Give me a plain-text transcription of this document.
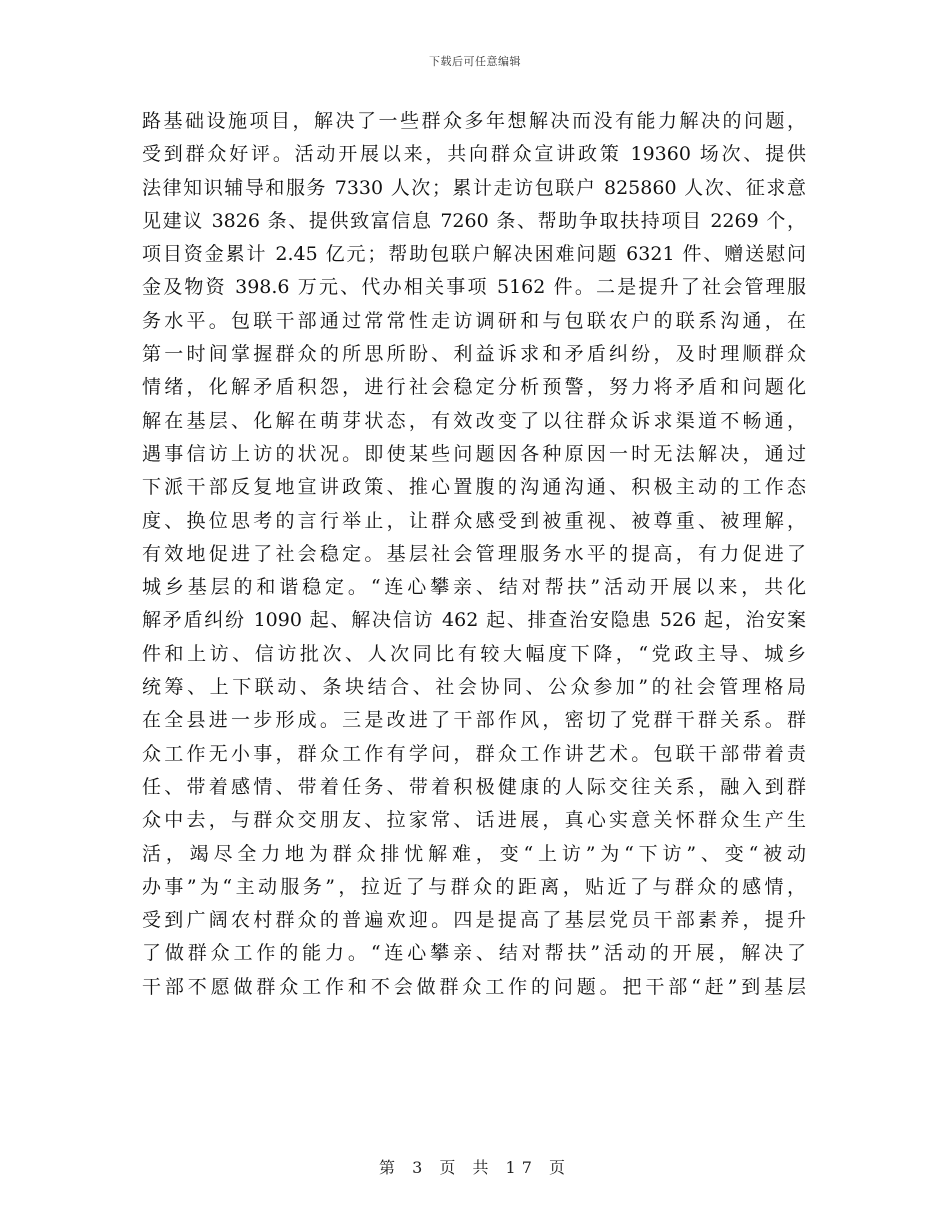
下载后可任意编辑
路基础设施项目，解决了一些群众多年想解决而没有能力解决的问题，
受到群众好评。活动开展以来，共向群众宣讲政策 19360 场次、提供
法律知识辅导和服务 7330 人次；累计走访包联户 825860 人次、征求意
见建议 3826 条、提供致富信息 7260 条、帮助争取扶持项目 2269 个，
项目资金累计 2.45 亿元；帮助包联户解决困难问题 6321 件、赠送慰问
金及物资 398.6 万元、代办相关事项 5162 件。二是提升了社会管理服
务水平。包联干部通过常常性走访调研和与包联农户的联系沟通，在
第一时间掌握群众的所思所盼、利益诉求和矛盾纠纷，及时理顺群众
情绪，化解矛盾积怨，进行社会稳定分析预警，努力将矛盾和问题化
解在基层、化解在萌芽状态，有效改变了以往群众诉求渠道不畅通，
遇事信访上访的状况。即使某些问题因各种原因一时无法解决，通过
下派干部反复地宣讲政策、推心置腹的沟通沟通、积极主动的工作态
度、换位思考的言行举止，让群众感受到被重视、被尊重、被理解，
有效地促进了社会稳定。基层社会管理服务水平的提高，有力促进了
城乡基层的和谐稳定。“连心攀亲、结对帮扶”活动开展以来，共化
解矛盾纠纷 1090 起、解决信访 462 起、排查治安隐患 526 起，治安案
件和上访、信访批次、人次同比有较大幅度下降，“党政主导、城乡
统筹、上下联动、条块结合、社会协同、公众参加”的社会管理格局
在全县进一步形成。三是改进了干部作风，密切了党群干群关系。群
众工作无小事，群众工作有学问，群众工作讲艺术。包联干部带着责
任、带着感情、带着任务、带着积极健康的人际交往关系，融入到群
众中去，与群众交朋友、拉家常、话进展，真心实意关怀群众生产生
活，竭尽全力地为群众排忧解难，变“上访”为“下访”、变“被动
办事”为“主动服务”，拉近了与群众的距离，贴近了与群众的感情，
受到广阔农村群众的普遍欢迎。四是提高了基层党员干部素养，提升
了做群众工作的能力。“连心攀亲、结对帮扶”活动的开展，解决了
干部不愿做群众工作和不会做群众工作的问题。把干部“赶”到基层
第 3 页 共 17 页
